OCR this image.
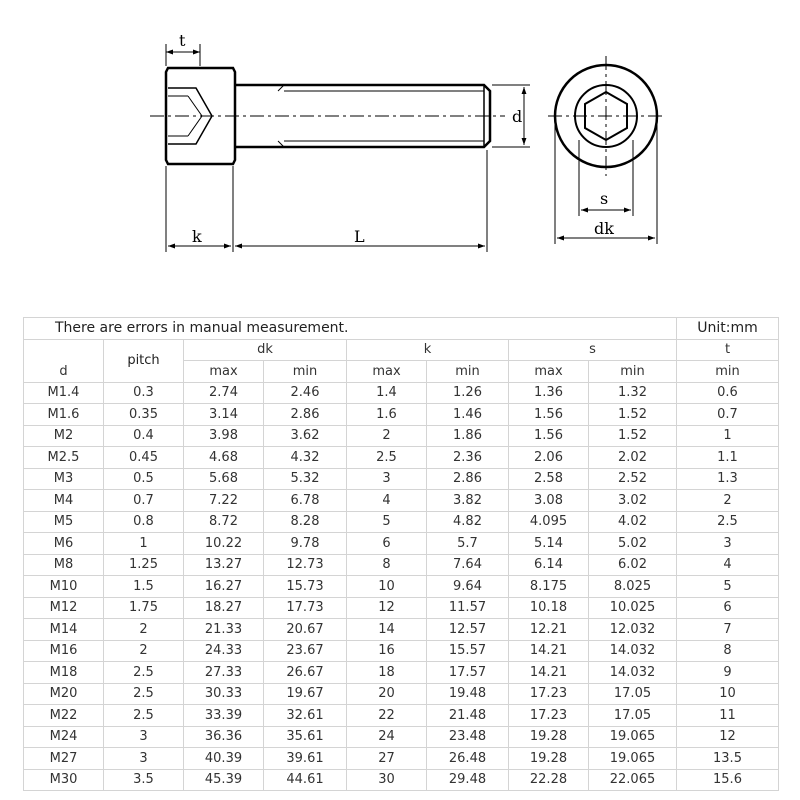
t
d
k	L
s
dk
There are errors in manual measurement.								Unit:mm
	pitch	dk		k		s		t
d		max	min	max	min	max	min	min
M1.4	0.3	2.74	2.46	1.4	1.26	1.36	1.32	0.6
M1.6	0.35	3.14	2.86	1.6	1.46	1.56	1.52	0.7
M2	0.4	3.98	3.62	2	1.86	1.56	1.52	1
M2.5	0.45	4.68	4.32	2.5	2.36	2.06	2.02	1.1
M3	0.5	5.68	5.32	3	2.86	2.58	2.52	1.3
M4	0.7	7.22	6.78	4	3.82	3.08	3.02	2
M5	0.8	8.72	8.28	5	4.82	4.095	4.02	2.5
M6	1	10.22	9.78	6	5.7	5.14	5.02	3
M8	1.25	13.27	12.73	8	7.64	6.14	6.02	4
M10	1.5	16.27	15.73	10	9.64	8.175	8.025	5
M12	1.75	18.27	17.73	12	11.57	10.18	10.025	6
M14	2	21.33	20.67	14	12.57	12.21	12.032	7
M16	2	24.33	23.67	16	15.57	14.21	14.032	8
M18	2.5	27.33	26.67	18	17.57	14.21	14.032	9
M20	2.5	30.33	19.67	20	19.48	17.23	17.05	10
M22	2.5	33.39	32.61	22	21.48	17.23	17.05	11
M24	3	36.36	35.61	24	23.48	19.28	19.065	12
M27	3	40.39	39.61	27	26.48	19.28	19.065	13.5
M30	3.5	45.39	44.61	30	29.48	22.28	22.065	15.6
